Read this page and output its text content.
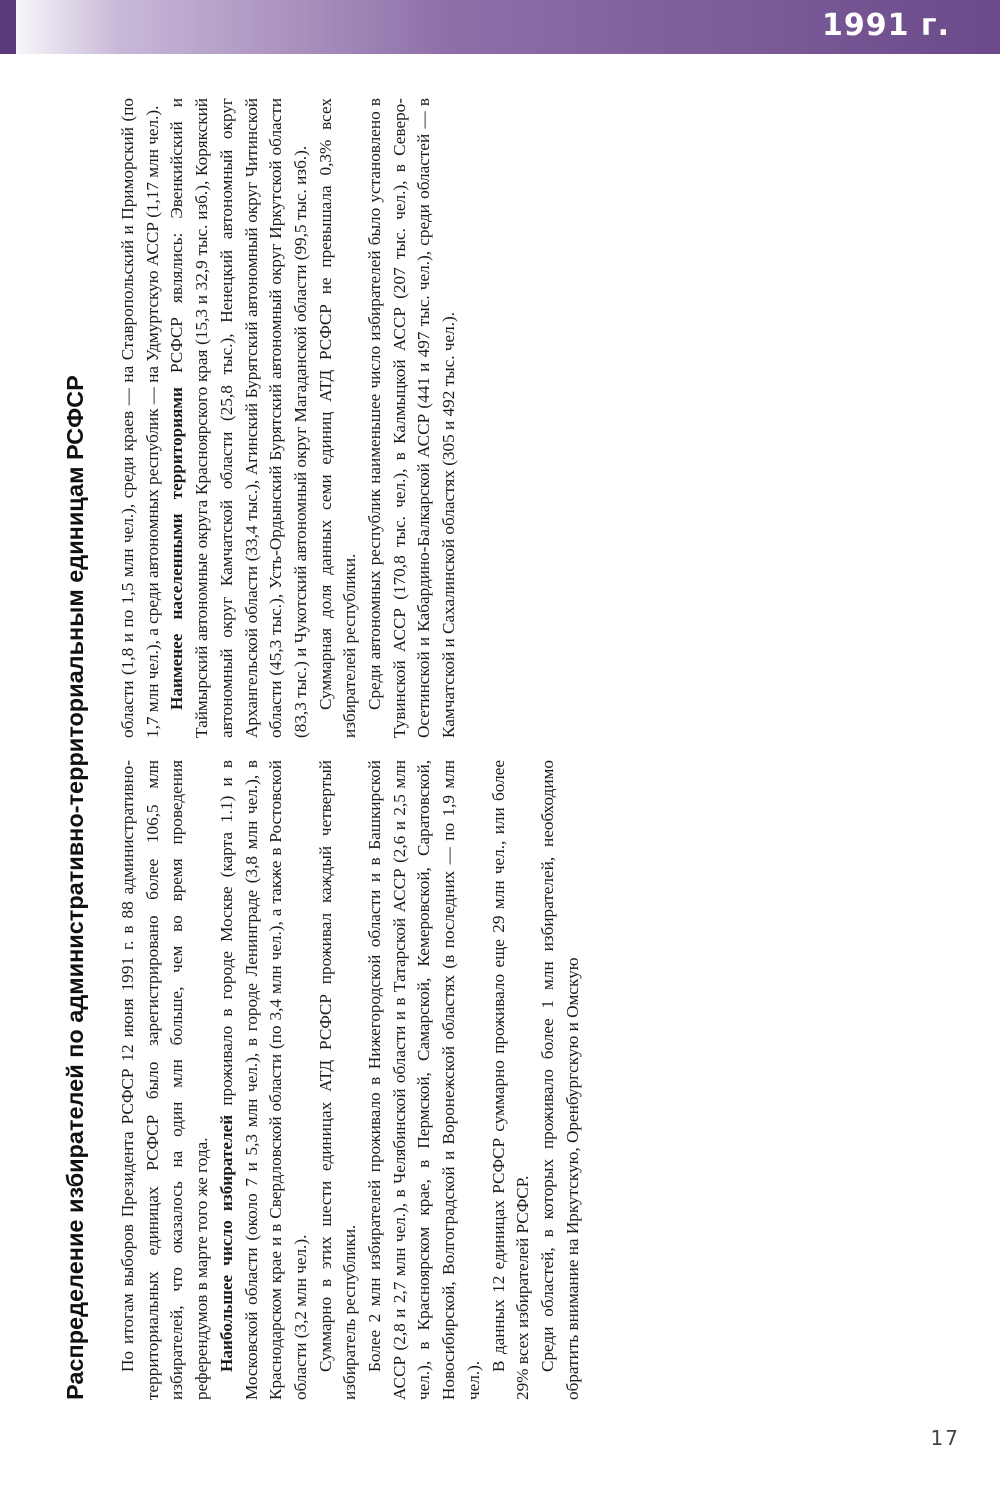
1991 г.
Распределение избирателей по административно-территориальным единицам РСФСР По итогам выборов Президента РСФСР 12 июня 1991 г. в 88 административно-территориальных единицах РСФСР было зарегистрировано более 106,5 млн избирателей, что оказалось на один млн больше, чем во время проведения референдумов в марте того же года. Наибольшее число избирателей проживало в городе Москве (карта 1.1) и в Московской области (около 7 и 5,3 млн чел.), в городе Ленинграде (3,8 млн чел.), в Краснодарском крае и в Свердловской области (по 3,4 млн чел.), а также в Ростовской области (3,2 млн чел.). Суммарно в этих шести единицах АТД РСФСР проживал каждый четвертый избиратель республики. Более 2 млн избирателей проживало в Нижегородской области и в Башкирской АССР (2,8 и 2,7 млн чел.), в Челябинской области и в Татарской АССР (2,6 и 2,5 млн чел.), в Красноярском крае, в Пермской, Самарской, Кемеровской, Саратовской, Новосибирской, Волгоградской и Воронежской областях (в последних — по 1,9 млн чел.).

В данных 12 единицах РСФСР суммарно проживало еще 29 млн чел., или более 29% всех избирателей РСФСР. Среди областей, в которых проживало более 1 млн избирателей, необходимо обратить внимание на Иркутскую, Оренбургскую и Омскую

области (1,8 и по 1,5 млн чел.), среди краев — на Ставропольский и Приморский (по 1,7 млн чел.), а среди автономных республик — на Удмуртскую АССР (1,17 млн чел.). Наименее населенными территориями РСФСР являлись: Эвенкийский и Таймырский автономные округа Красноярского края (15,3 и 32,9 тыс. изб.), Корякский автономный округ Камчатской области (25,8 тыс.), Ненецкий автономный округ Архангельской области (33,4 тыс.), Агинский Бурятский автономный округ Читинской области (45,3 тыс.), Усть-Ордынский Бурятский автономный округ Иркутской области (83,3 тыс.) и Чукотский автономный округ Магаданской области (99,5 тыс. изб.). Суммарная доля данных семи единиц АТД РСФСР не превышала 0,3% всех избирателей республики. Среди автономных республик наименьшее число избирателей было установлено в Тувинской АССР (170,8 тыс. чел.), в Калмыцкой АССР (207 тыс. чел.), в Северо-Осетинской и Кабардино-Балкарской АССР (441 и 497 тыс. чел.), среди областей — в Камчатской и Сахалинской областях (305 и 492 тыс. чел.).

17
